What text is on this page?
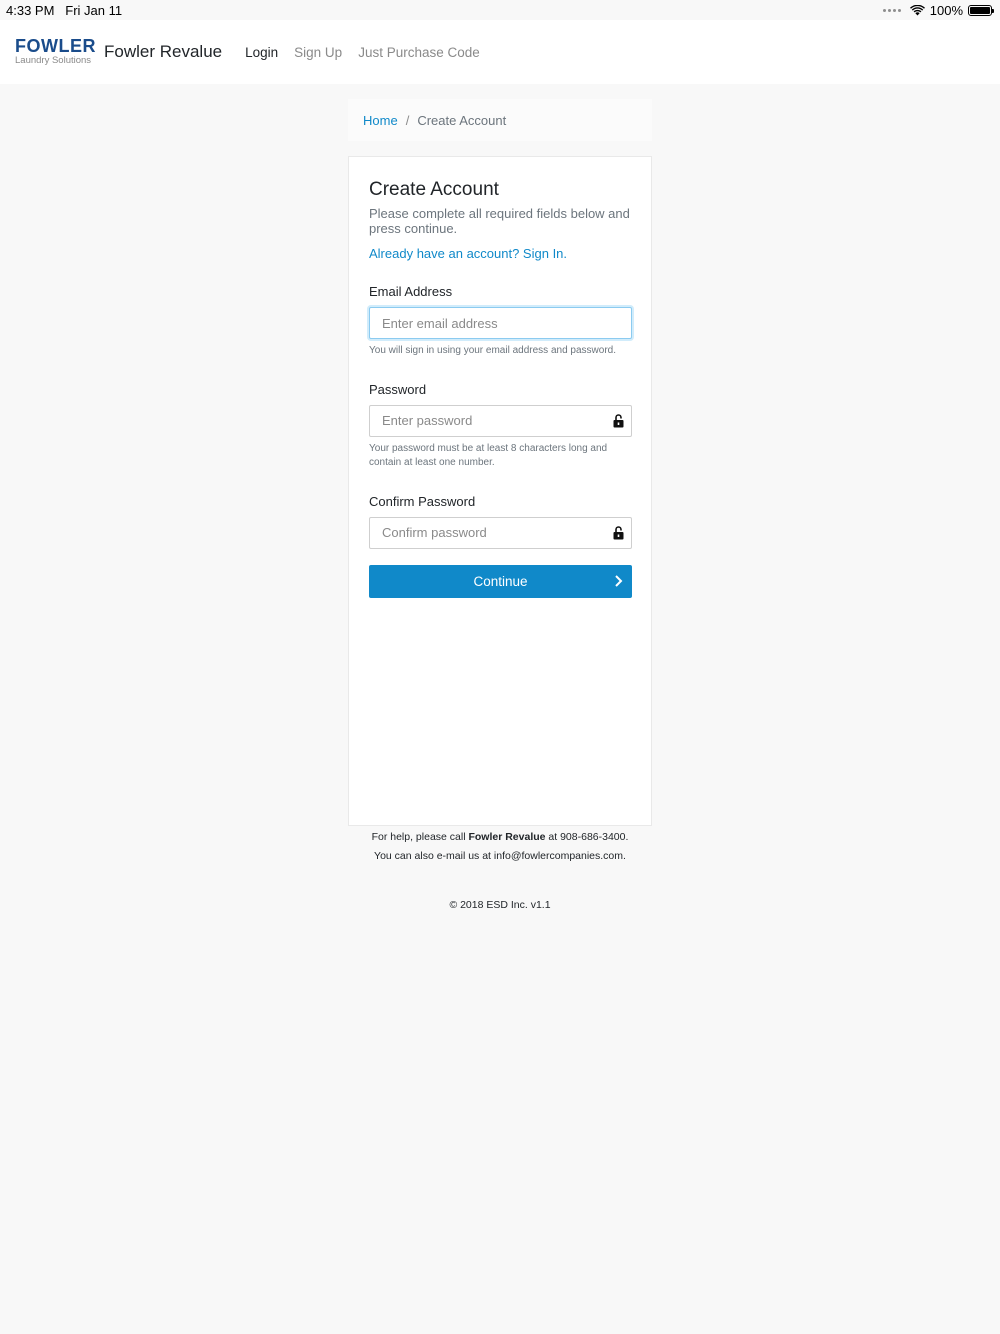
4:33 PM Fri Jan 11	100%
FOWLER
Laundry Solutions Fowler Revalue Login Sign Up Just Purchase Code
Home / Create Account
Create Account

Please complete all required fields below and press continue.

Already have an account? Sign In.
Email Address
Enter email address

You will sign in using your email address and password.

Password

Your password must be at least 8 characters long and contain at least one number.

Confirm Password
Continue
For help, please call Fowler Revalue at 908-686-3400.
You can also e-mail us at info@fowlercompanies.com.
© 2018 ESD Inc. v1.1
